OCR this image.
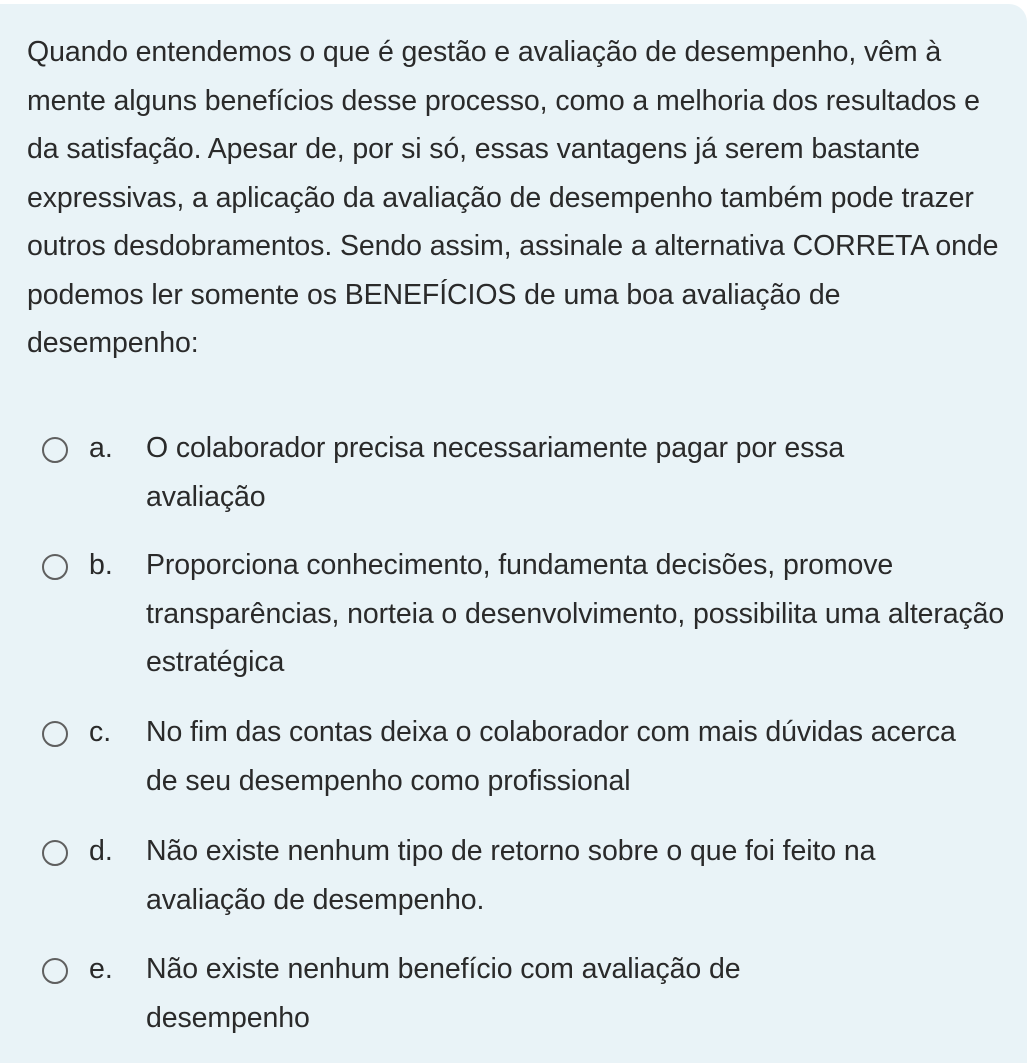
Quando entendemos o que é gestão e avaliação de desempenho, vêm à mente alguns benefícios desse processo, como a melhoria dos resultados e da satisfação. Apesar de, por si só, essas vantagens já serem bastante expressivas, a aplicação da avaliação de desempenho também pode trazer outros desdobramentos. Sendo assim, assinale a alternativa CORRETA onde podemos ler somente os BENEFÍCIOS de uma boa avaliação de desempenho:

a. O colaborador precisa necessariamente pagar por essa avaliação
b. Proporciona conhecimento, fundamenta decisões, promove transparências, norteia o desenvolvimento, possibilita uma alteração estratégica
c. No fim das contas deixa o colaborador com mais dúvidas acerca de seu desempenho como profissional
d. Não existe nenhum tipo de retorno sobre o que foi feito na avaliação de desempenho.
e. Não existe nenhum benefício com avaliação de desempenho
